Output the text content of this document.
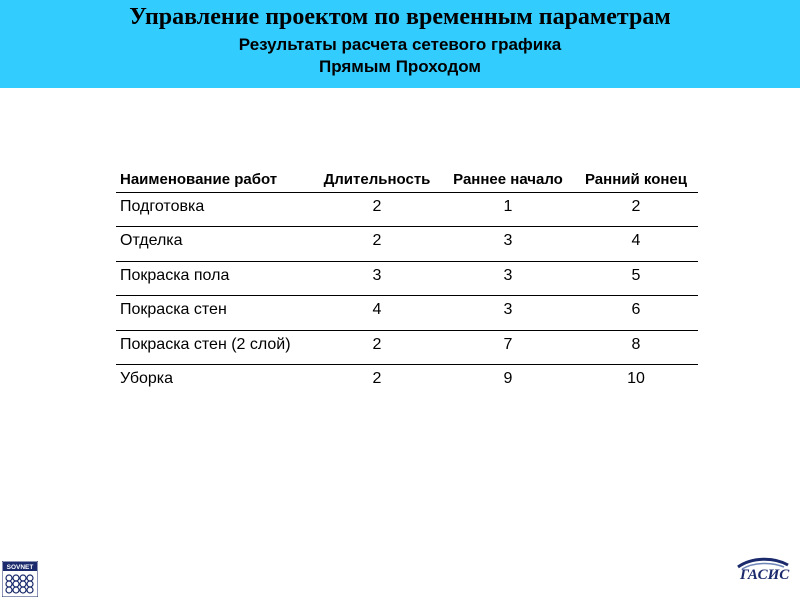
Управление проектом по временным параметрам
Результаты расчета сетевого графика
Прямым Проходом
Наименование работ	Длительность	Раннее начало	Ранний конец
Подготовка	2	1	2
Отделка	2	3	4
Покраска пола	3	3	5
Покраска стен	4	3	6
Покраска стен (2 слой)	2	7	8
Уборка	2	9	10
SOVNET	ГАСИС
